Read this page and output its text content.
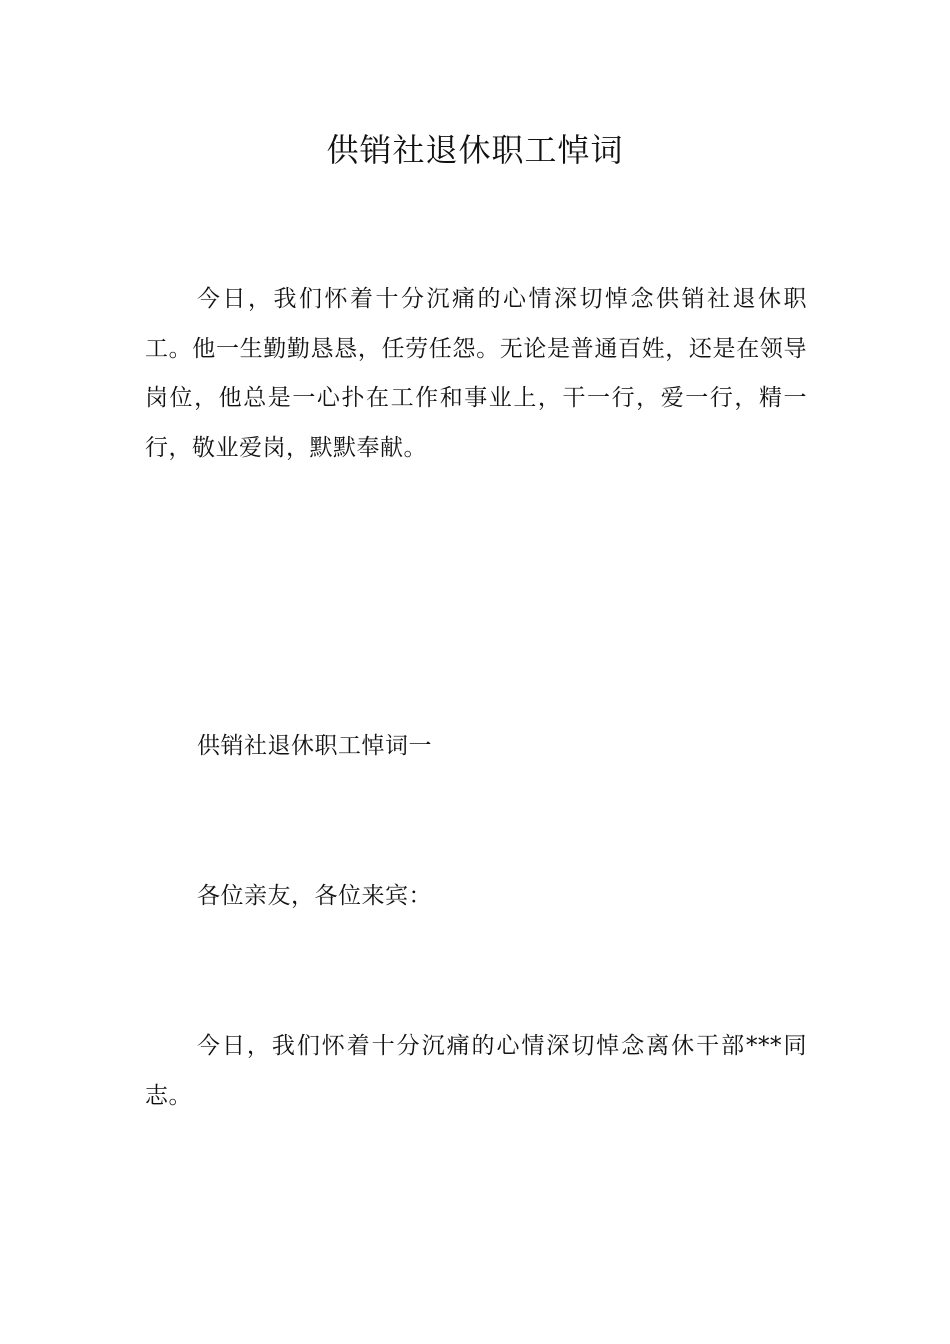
供销社退休职工悼词

今日，我们怀着十分沉痛的心情深切悼念供销社退休职工。他一生勤勤恳恳，任劳任怨。无论是普通百姓，还是在领导岗位，他总是一心扑在工作和事业上，干一行，爱一行，精一行，敬业爱岗，默默奉献。

供销社退休职工悼词一

各位亲友，各位来宾：

今日，我们怀着十分沉痛的心情深切悼念离休干部***同志。
